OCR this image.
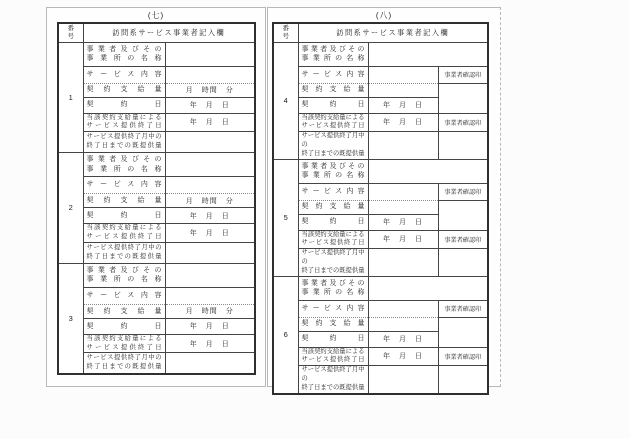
(七)
番号	訪問系サービス事業者記入欄	
1	事業者及びその
事業所の名称	

	サービス内容	

	契約支給量	月　時間　分

	契約日	年　月　日

	当該契約支給量による
サービス提供終了日	年　月　日

	サービス提供終了月中の
終了日までの既提供量	

2	事業者及びその
事業所の名称	

	サービス内容	

	契約支給量	月　時間　分

	契約日	年　月　日

	当該契約支給量による
サービス提供終了日	年　月　日

	サービス提供終了月中の
終了日までの既提供量	

3	事業者及びその
事業所の名称	

	サービス内容	

	契約支給量	月　時間　分

	契約日	年　月　日

	当該契約支給量による
サービス提供終了日	年　月　日

	サービス提供終了月中の
終了日までの既提供量	

(八)
番号	訪問系サービス事業者記入欄		
4	事業者及びその
事業所の名称		

	サービス内容		事業者確認印

	契約支給量		

	契約日	年　月　日	

	当該契約支給量による
サービス提供終了日	年　月　日	事業者確認印

	サービス提供終了月中の
終了日までの既提供量		

5	事業者及びその
事業所の名称		

	サービス内容		事業者確認印

	契約支給量		

	契約日	年　月　日	

	当該契約支給量による
サービス提供終了日	年　月　日	事業者確認印

	サービス提供終了月中の
終了日までの既提供量		

6	事業者及びその
事業所の名称		

	サービス内容		事業者確認印

	契約支給量		

	契約日	年　月　日	

	当該契約支給量による
サービス提供終了日	年　月　日	事業者確認印

	サービス提供終了月中の
終了日までの既提供量		
